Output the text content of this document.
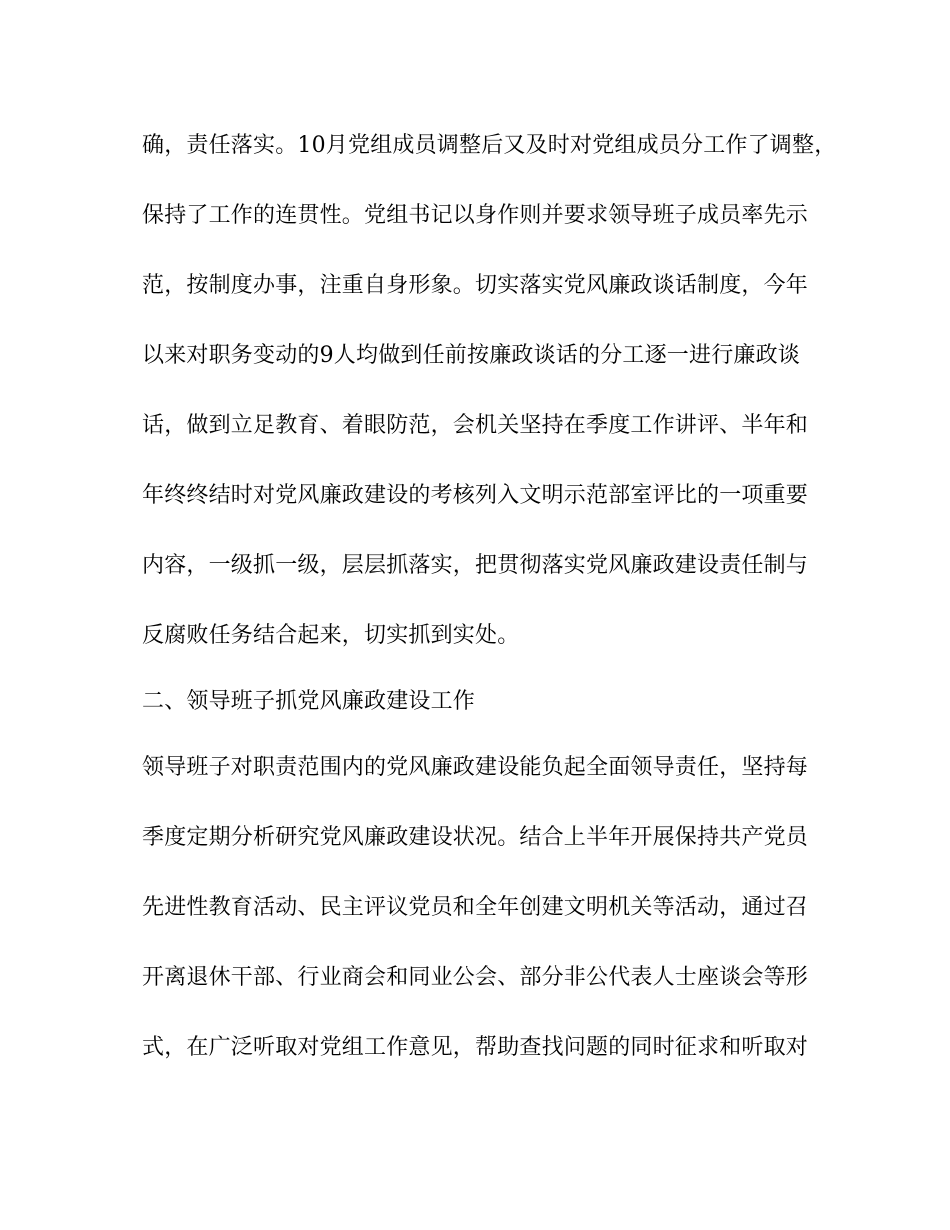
确，责任落实。10月党组成员调整后又及时对党组成员分工作了调整，
保持了工作的连贯性。党组书记以身作则并要求领导班子成员率先示
范，按制度办事，注重自身形象。切实落实党风廉政谈话制度，今年
以来对职务变动的9人均做到任前按廉政谈话的分工逐一进行廉政谈
话，做到立足教育、着眼防范，会机关坚持在季度工作讲评、半年和
年终终结时对党风廉政建设的考核列入文明示范部室评比的一项重要
内容，一级抓一级，层层抓落实，把贯彻落实党风廉政建设责任制与
反腐败任务结合起来，切实抓到实处。
二、领导班子抓党风廉政建设工作
领导班子对职责范围内的党风廉政建设能负起全面领导责任，坚持每
季度定期分析研究党风廉政建设状况。结合上半年开展保持共产党员
先进性教育活动、民主评议党员和全年创建文明机关等活动，通过召
开离退休干部、行业商会和同业公会、部分非公代表人士座谈会等形
式，在广泛听取对党组工作意见，帮助查找问题的同时征求和听取对
